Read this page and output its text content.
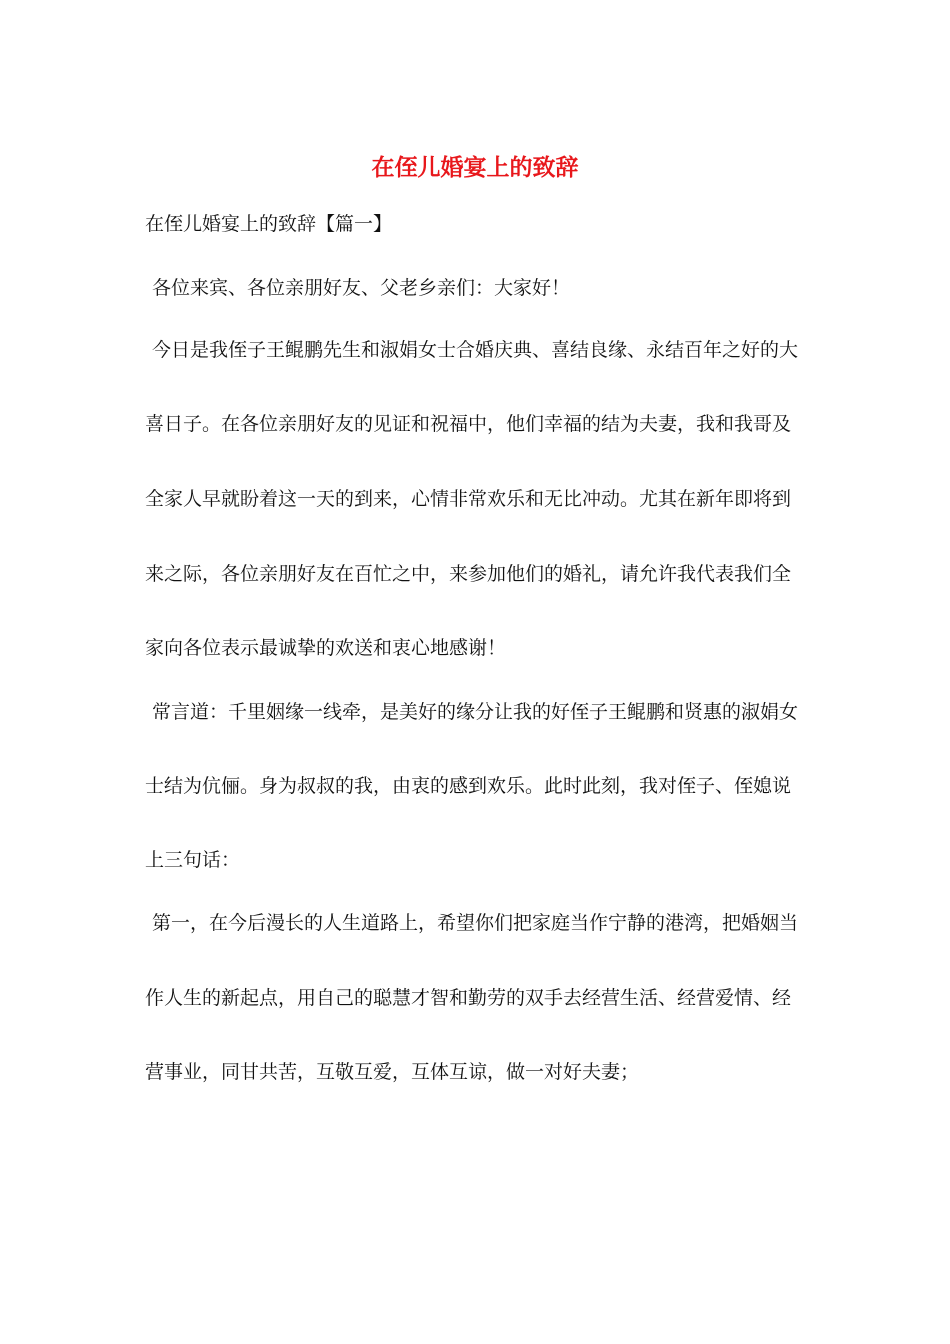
在侄儿婚宴上的致辞
在侄儿婚宴上的致辞【篇一】
各位来宾、各位亲朋好友、父老乡亲们：大家好！
今日是我侄子王鲲鹏先生和淑娟女士合婚庆典、喜结良缘、永结百年之好的大
喜日子。在各位亲朋好友的见证和祝福中，他们幸福的结为夫妻，我和我哥及
全家人早就盼着这一天的到来，心情非常欢乐和无比冲动。尤其在新年即将到
来之际，各位亲朋好友在百忙之中，来参加他们的婚礼，请允许我代表我们全
家向各位表示最诚挚的欢送和衷心地感谢！
常言道：千里姻缘一线牵，是美好的缘分让我的好侄子王鲲鹏和贤惠的淑娟女
士结为伉俪。身为叔叔的我，由衷的感到欢乐。此时此刻，我对侄子、侄媳说
上三句话：
第一，在今后漫长的人生道路上，希望你们把家庭当作宁静的港湾，把婚姻当
作人生的新起点，用自己的聪慧才智和勤劳的双手去经营生活、经营爱情、经
营事业，同甘共苦，互敬互爱，互体互谅，做一对好夫妻；
